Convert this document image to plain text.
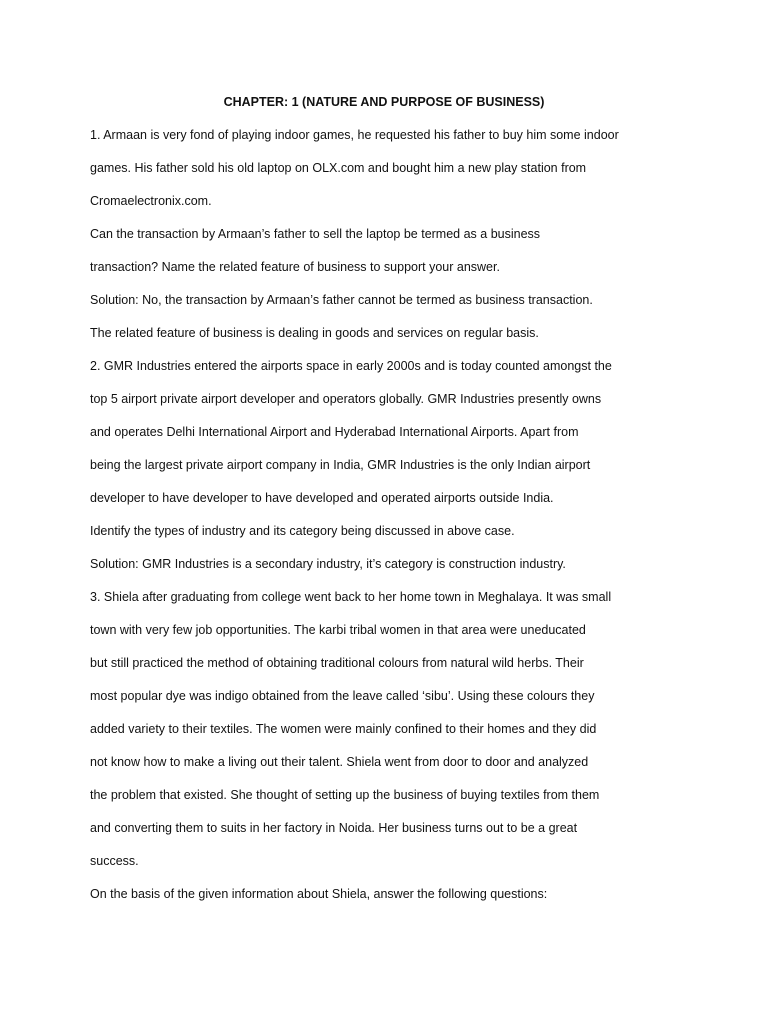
CHAPTER: 1 (NATURE AND PURPOSE OF BUSINESS)
1. Armaan is very fond of playing indoor games, he requested his father to buy him some indoor
games. His father sold his old laptop on OLX.com and bought him a new play station from
Cromaelectronix.com.
Can the transaction by Armaan’s father to sell the laptop be termed as a business
transaction? Name the related feature of business to support your answer.
Solution: No, the transaction by Armaan’s father cannot be termed as business transaction.
The related feature of business is dealing in goods and services on regular basis.
2. GMR Industries entered the airports space in early 2000s and is today counted amongst the
top 5 airport private airport developer and operators globally. GMR Industries presently owns
and operates Delhi International Airport and Hyderabad International Airports. Apart from
being the largest private airport company in India, GMR Industries is the only Indian airport
developer to have developer to have developed and operated airports outside India.
Identify the types of industry and its category being discussed in above case.
Solution: GMR Industries is a secondary industry, it’s category is construction industry.
3. Shiela after graduating from college went back to her home town in Meghalaya. It was small
town with very few job opportunities. The karbi tribal women in that area were uneducated
but still practiced the method of obtaining traditional colours from natural wild herbs. Their
most popular dye was indigo obtained from the leave called ‘sibu’. Using these colours they
added variety to their textiles. The women were mainly confined to their homes and they did
not know how to make a living out their talent. Shiela went from door to door and analyzed
the problem that existed. She thought of setting up the business of buying textiles from them
and converting them to suits in her factory in Noida. Her business turns out to be a great
success.
On the basis of the given information about Shiela, answer the following questions:
